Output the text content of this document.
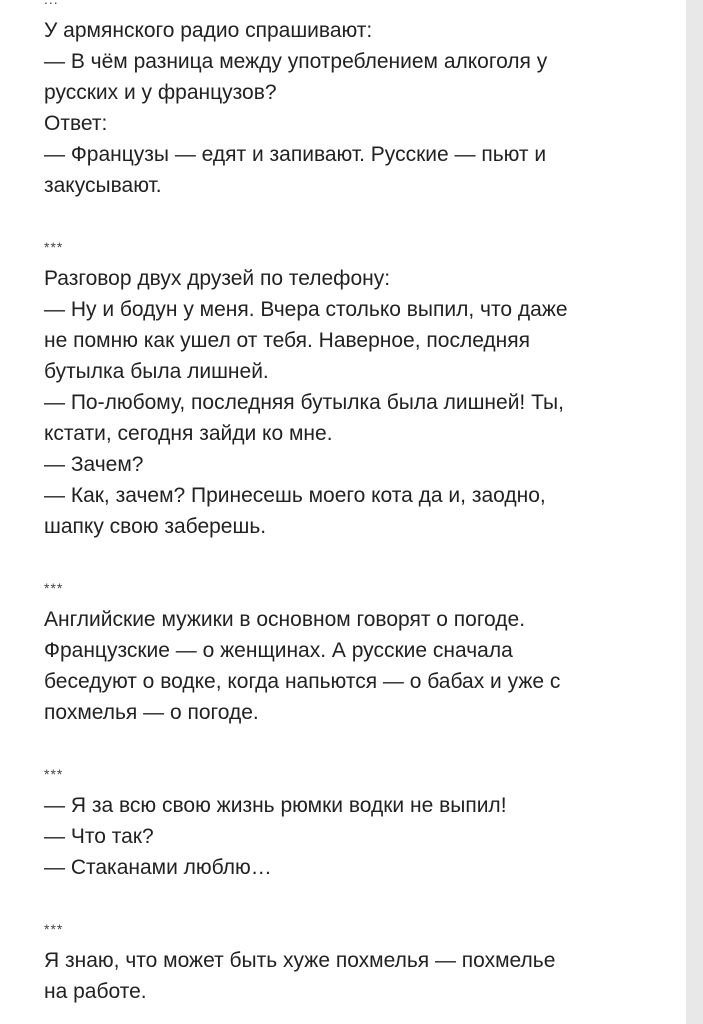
У армянского радио спрашивают:
— В чём разница между употреблением алкоголя у
русских и у французов?
Ответ:
— Французы — едят и запивают. Русские — пьют и
закусывают.
***
Разговор двух друзей по телефону:
— Ну и бодун у меня. Вчера столько выпил, что даже
не помню как ушел от тебя. Наверное, последняя
бутылка была лишней.
— По-любому, последняя бутылка была лишней! Ты,
кстати, сегодня зайди ко мне.
— Зачем?
— Как, зачем? Принесешь моего кота да и, заодно,
шапку свою заберешь.
***
Английские мужики в основном говорят о погоде.
Французские — о женщинах. А русские сначала
беседуют о водке, когда напьются — о бабах и уже с
похмелья — о погоде.
***
— Я за всю свою жизнь рюмки водки не выпил!
— Что так?
— Стаканами люблю…
***
Я знаю, что может быть хуже похмелья — похмелье
на работе.
